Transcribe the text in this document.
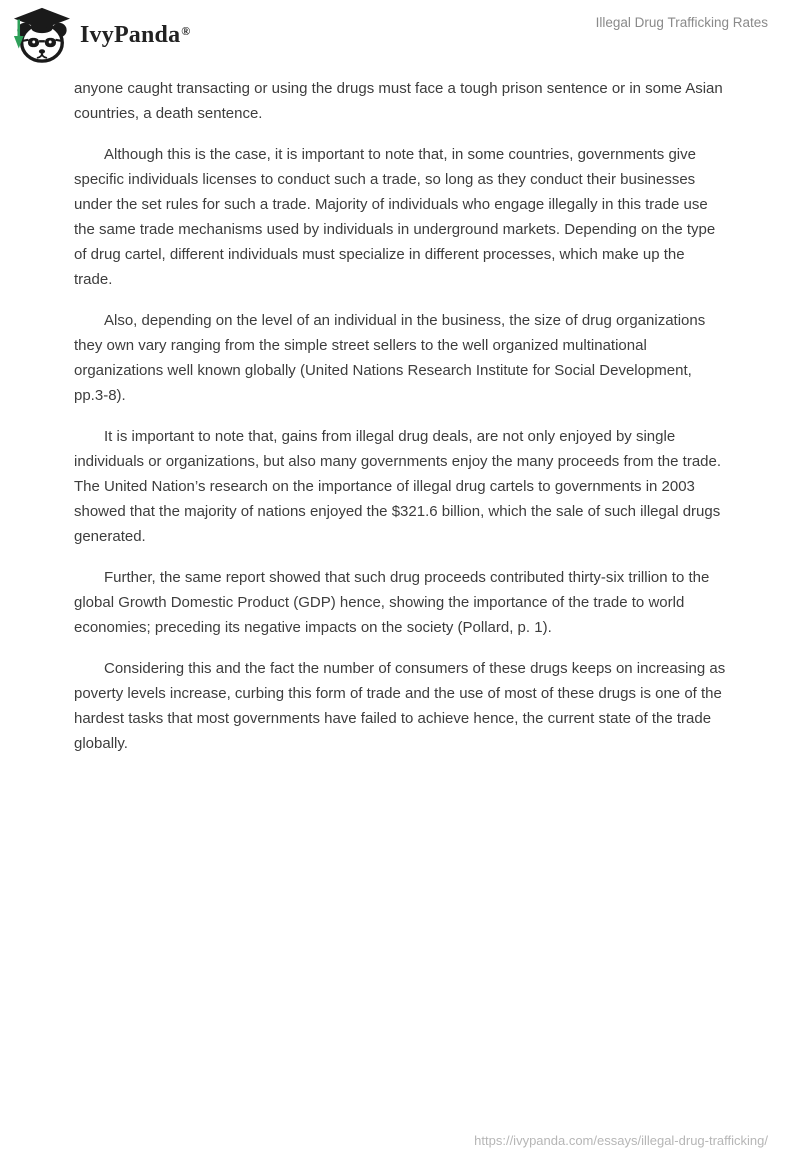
IvyPanda®
Illegal Drug Trafficking Rates

anyone caught transacting or using the drugs must face a tough prison sentence or in some Asian countries, a death sentence.

Although this is the case, it is important to note that, in some countries, governments give specific individuals licenses to conduct such a trade, so long as they conduct their businesses under the set rules for such a trade. Majority of individuals who engage illegally in this trade use the same trade mechanisms used by individuals in underground markets. Depending on the type of drug cartel, different individuals must specialize in different processes, which make up the trade.

Also, depending on the level of an individual in the business, the size of drug organizations they own vary ranging from the simple street sellers to the well organized multinational organizations well known globally (United Nations Research Institute for Social Development, pp.3-8).

It is important to note that, gains from illegal drug deals, are not only enjoyed by single individuals or organizations, but also many governments enjoy the many proceeds from the trade. The United Nation’s research on the importance of illegal drug cartels to governments in 2003 showed that the majority of nations enjoyed the $321.6 billion, which the sale of such illegal drugs generated.

Further, the same report showed that such drug proceeds contributed thirty-six trillion to the global Growth Domestic Product (GDP) hence, showing the importance of the trade to world economies; preceding its negative impacts on the society (Pollard, p. 1).

Considering this and the fact the number of consumers of these drugs keeps on increasing as poverty levels increase, curbing this form of trade and the use of most of these drugs is one of the hardest tasks that most governments have failed to achieve hence, the current state of the trade globally.

https://ivypanda.com/essays/illegal-drug-trafficking/
